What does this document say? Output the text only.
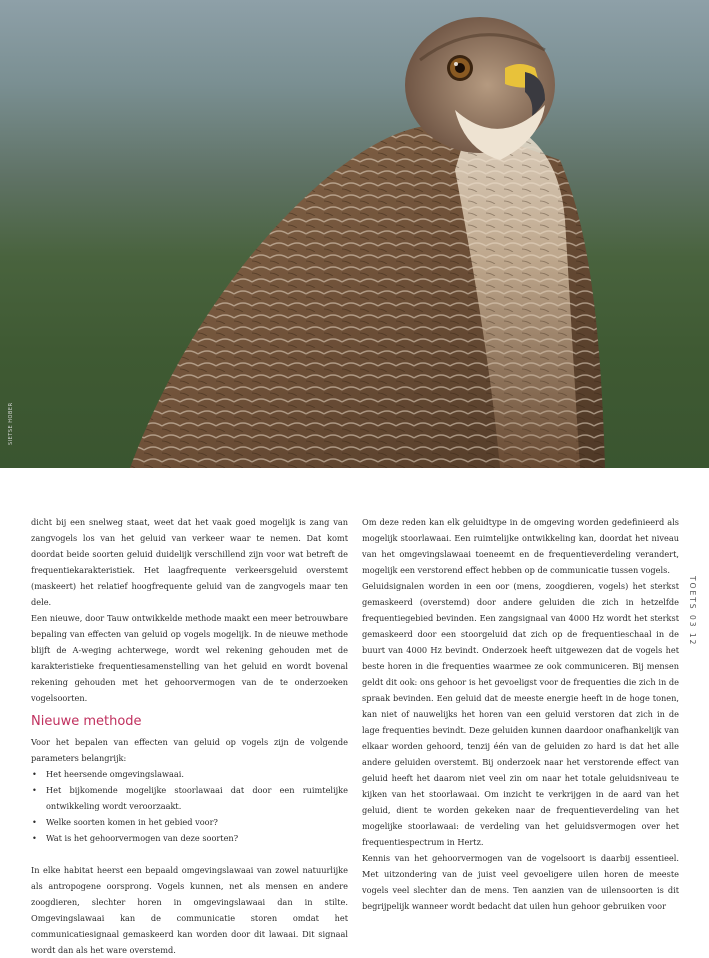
SIETSE HOBER
TOETS 03 12

dicht bij een snelweg staat, weet dat het vaak goed mogelijk is zang van zangvogels los van het geluid van verkeer waar te nemen. Dat komt doordat beide soorten geluid duidelijk verschillend zijn voor wat betreft de frequentiekarakteristiek. Het laagfrequente verkeersgeluid overstemt (maskeert) het relatief hoogfrequente geluid van de zangvogels maar ten dele.

Een nieuwe, door Tauw ontwikkelde methode maakt een meer betrouwbare bepaling van effecten van geluid op vogels mogelijk. In de nieuwe methode blijft de A-weging achterwege, wordt wel rekening gehouden met de karakteristieke frequentiesamenstelling van het geluid en wordt bovenal rekening gehouden met het gehoorvermogen van de te onderzoeken vogelsoorten.

Nieuwe methode

Voor het bepalen van effecten van geluid op vogels zijn de volgende parameters belangrijk:

• Het heersende omgevingslawaai.
• Het bijkomende mogelijke stoorlawaai dat door een ruimtelijke ontwikkeling wordt veroorzaakt.
• Welke soorten komen in het gebied voor?
• Wat is het gehoorvermogen van deze soorten?

In elke habitat heerst een bepaald omgevingslawaai van zowel natuurlijke als antropogene oorsprong. Vogels kunnen, net als mensen en andere zoogdieren, slechter horen in omgevingslawaai dan in stilte. Omgevingslawaai kan de communicatie storen omdat het communicatiesignaal gemaskeerd kan worden door dit lawaai. Dit signaal wordt dan als het ware overstemd.

Om deze reden kan elk geluidtype in de omgeving worden gedefinieerd als mogelijk stoorlawaai. Een ruimtelijke ontwikkeling kan, doordat het niveau van het omgevingslawaai toeneemt en de frequentieverdeling verandert, mogelijk een verstorend effect hebben op de communicatie tussen vogels.

Geluidsignalen worden in een oor (mens, zoogdieren, vogels) het sterkst gemaskeerd (overstemd) door andere geluiden die zich in hetzelfde frequentiegebied bevinden. Een zangsignaal van 4000 Hz wordt het sterkst gemaskeerd door een stoorgeluid dat zich op de frequentieschaal in de buurt van 4000 Hz bevindt. Onderzoek heeft uitgewezen dat de vogels het beste horen in die frequenties waarmee ze ook communiceren. Bij mensen geldt dit ook: ons gehoor is het gevoeligst voor de frequenties die zich in de spraak bevinden. Een geluid dat de meeste energie heeft in de hoge tonen, kan niet of nauwelijks het horen van een geluid verstoren dat zich in de lage frequenties bevindt. Deze geluiden kunnen daardoor onafhankelijk van elkaar worden gehoord, tenzij één van de geluiden zo hard is dat het alle andere geluiden overstemt. Bij onderzoek naar het verstorende effect van geluid heeft het daarom niet veel zin om naar het totale geluidsniveau te kijken van het stoorlawaai. Om inzicht te verkrijgen in de aard van het geluid, dient te worden gekeken naar de frequentieverdeling van het mogelijke stoorlawaai: de verdeling van het geluidsvermogen over het frequentiespectrum in Hertz.

Kennis van het gehoorvermogen van de vogelsoort is daarbij essentieel. Met uitzondering van de juist veel gevoeligere uilen horen de meeste vogels veel slechter dan de mens. Ten aanzien van de uilensoorten is dit begrijpelijk wanneer wordt bedacht dat uilen hun gehoor gebruiken voor
